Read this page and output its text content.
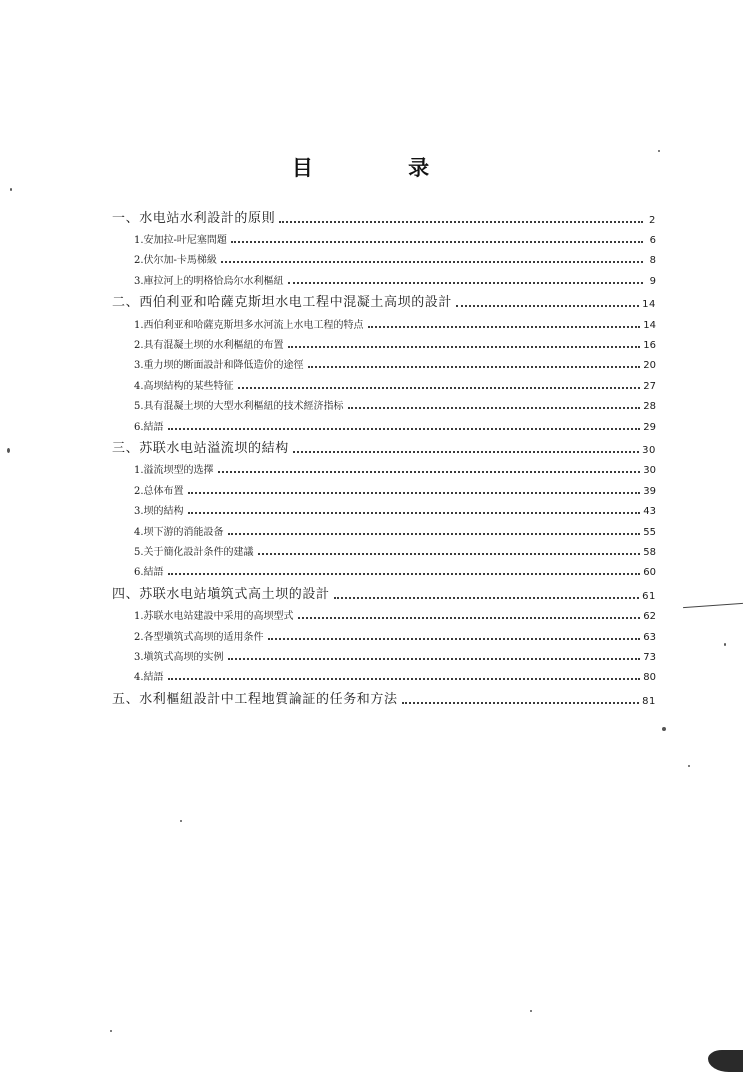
目 录
一、水电站水利設計的原則	2
1.安加拉-叶尼塞問題	6
2.伏尔加-卡馬梯級	8
3.庫拉河上的明格恰烏尔水利樞紐	9
二、西伯利亚和哈薩克斯坦水电工程中混凝土高坝的設計	14
1.西伯利亚和哈薩克斯坦多水河流上水电工程的特点	14
2.具有混凝土坝的水利樞紐的布置	16
3.重力坝的断面設計和降低造价的途徑	20
4.高坝結构的某些特征	27
5.具有混凝土坝的大型水利樞紐的技术經济指标	28
6.結語	29
三、苏联水电站溢流坝的結构	30
1.溢流坝型的选擇	30
2.总体布置	39
3.坝的結构	43
4.坝下游的消能設备	55
5.关于簡化設計条件的建議	58
6.結語	60
四、苏联水电站塡筑式高土坝的設計	61
1.苏联水电站建設中采用的高坝型式	62
2.各型塡筑式高坝的适用条件	63
3.塡筑式高坝的实例	73
4.結語	80
五、水利樞紐設計中工程地質論証的任务和方法	81
